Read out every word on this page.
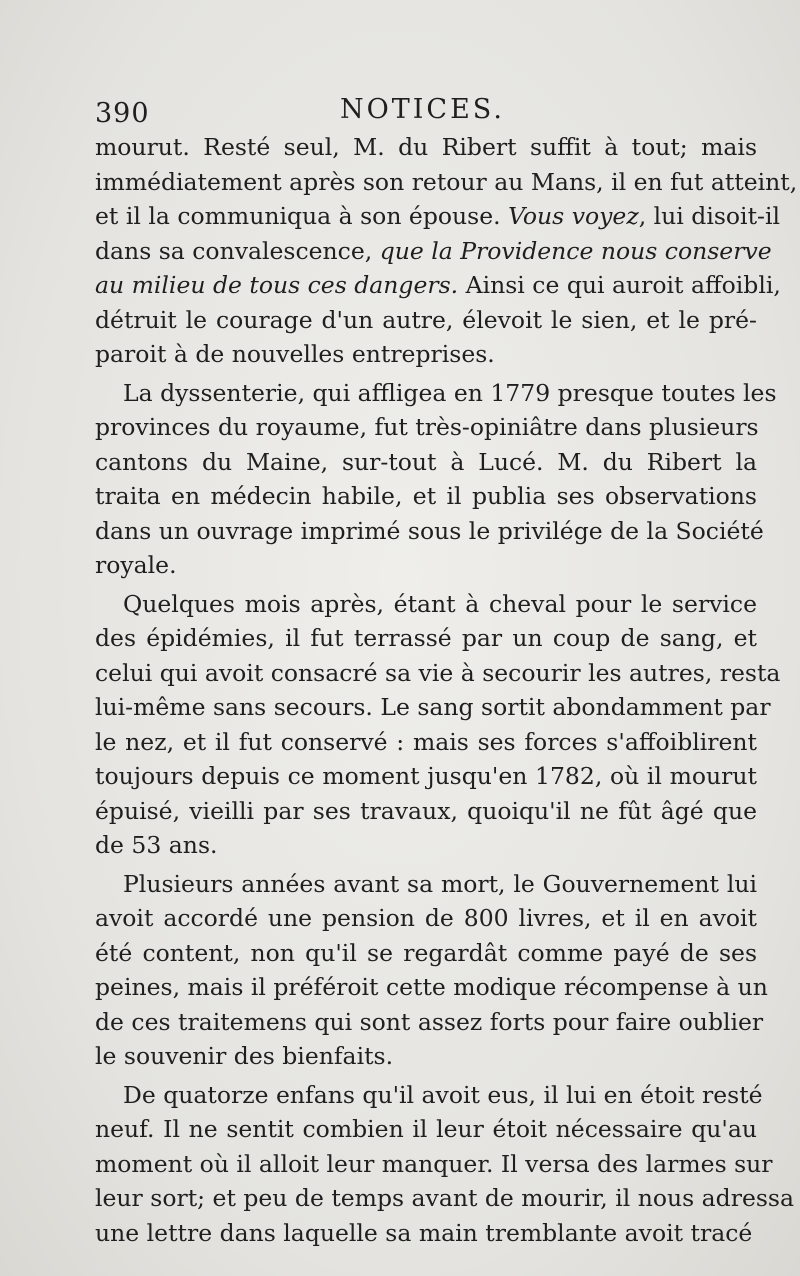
390	NOTICES.
mourut. Resté seul, M. du Ribert suffit à tout; mais
immédiatement après son retour au Mans, il en fut atteint,
et il la communiqua à son épouse. Vous voyez, lui disoit-il
dans sa convalescence, que la Providence nous conserve
au milieu de tous ces dangers. Ainsi ce qui auroit affoibli,
détruit le courage d'un autre, élevoit le sien, et le pré-
paroit à de nouvelles entreprises.
La dyssenterie, qui affligea en 1779 presque toutes les
provinces du royaume, fut très-opiniâtre dans plusieurs
cantons du Maine, sur-tout à Lucé. M. du Ribert la
traita en médecin habile, et il publia ses observations
dans un ouvrage imprimé sous le privilége de la Société
royale.
Quelques mois après, étant à cheval pour le service
des épidémies, il fut terrassé par un coup de sang, et
celui qui avoit consacré sa vie à secourir les autres, resta
lui-même sans secours. Le sang sortit abondamment par
le nez, et il fut conservé : mais ses forces s'affoiblirent
toujours depuis ce moment jusqu'en 1782, où il mourut
épuisé, vieilli par ses travaux, quoiqu'il ne fût âgé que
de 53 ans.
Plusieurs années avant sa mort, le Gouvernement lui
avoit accordé une pension de 800 livres, et il en avoit
été content, non qu'il se regardât comme payé de ses
peines, mais il préféroit cette modique récompense à un
de ces traitemens qui sont assez forts pour faire oublier
le souvenir des bienfaits.
De quatorze enfans qu'il avoit eus, il lui en étoit resté
neuf. Il ne sentit combien il leur étoit nécessaire qu'au
moment où il alloit leur manquer. Il versa des larmes sur
leur sort; et peu de temps avant de mourir, il nous adressa
une lettre dans laquelle sa main tremblante avoit tracé
